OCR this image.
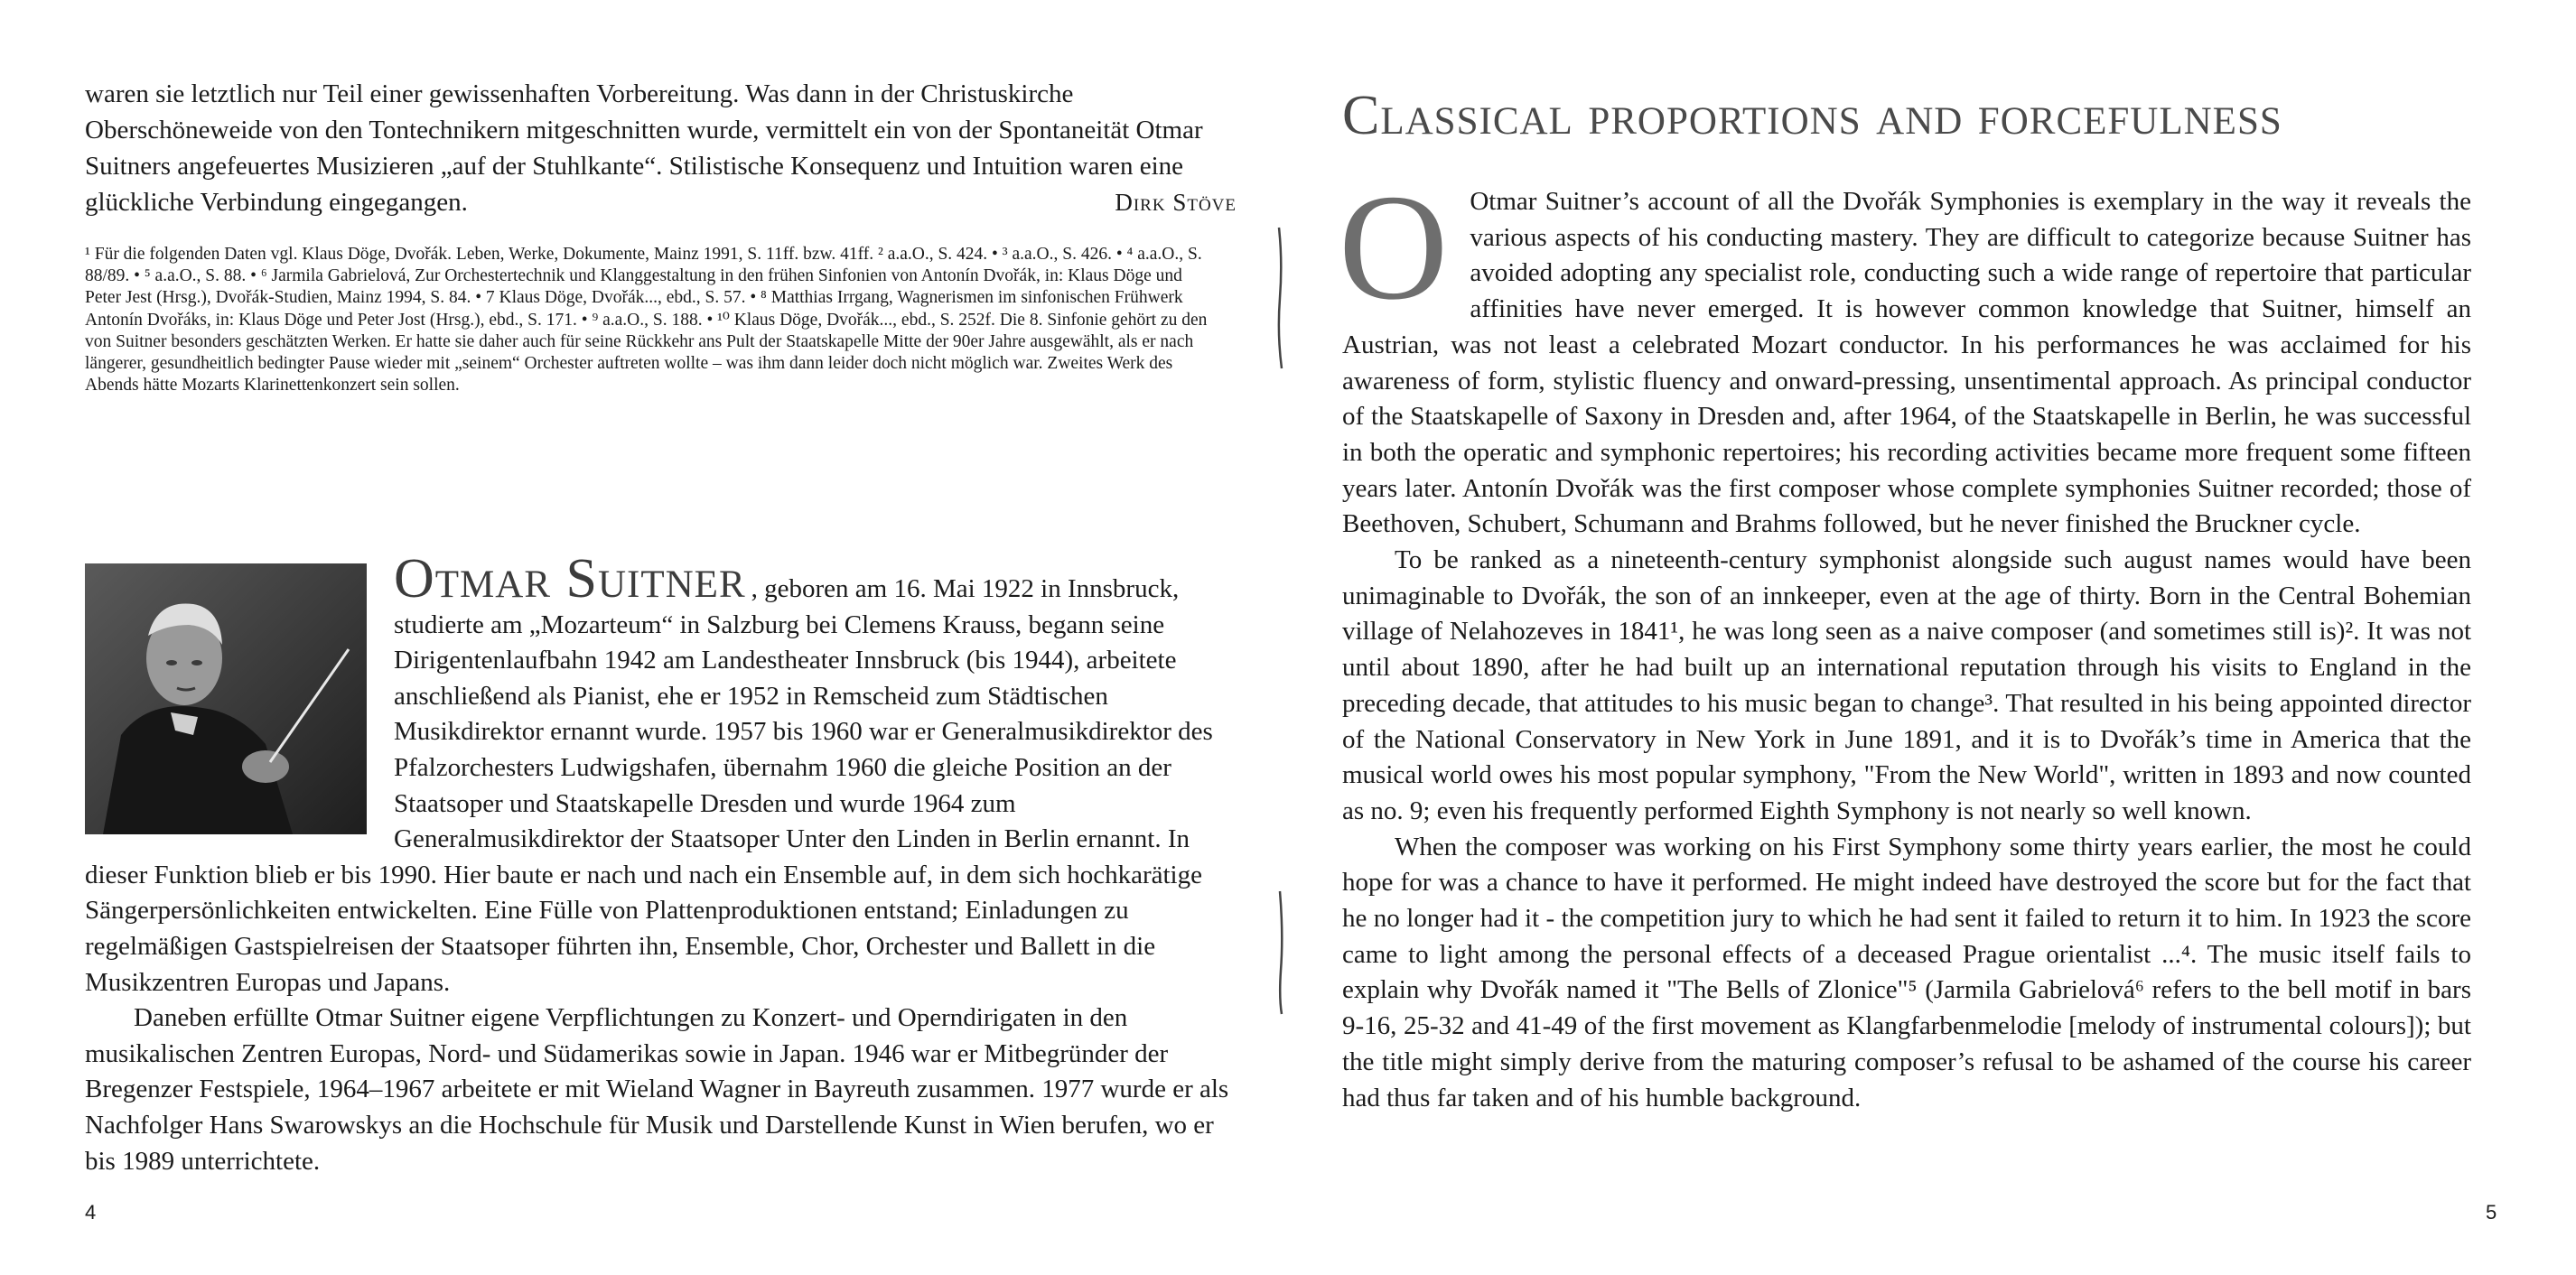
waren sie letztlich nur Teil einer gewissenhaften Vorbereitung. Was dann in der Christuskirche Oberschöneweide von den Tontechnikern mitgeschnitten wurde, vermittelt ein von der Spontaneität Otmar Suitners angefeuertes Musizieren „auf der Stuhlkante“. Stilistische Konsequenz und Intuition waren eine glückliche Verbindung eingegangen.	Dirk Stöve

¹ Für die folgenden Daten vgl. Klaus Döge, Dvořák. Leben, Werke, Dokumente, Mainz 1991, S. 11ff. bzw. 41ff. ² a.a.O., S. 424. • ³ a.a.O., S. 426. • ⁴ a.a.O., S. 88/89. • ⁵ a.a.O., S. 88. • ⁶ Jarmila Gabrielová, Zur Orchestertechnik und Klanggestaltung in den frühen Sinfonien von Antonín Dvořák, in: Klaus Döge und Peter Jest (Hrsg.), Dvořák-Studien, Mainz 1994, S. 84. • 7 Klaus Döge, Dvořák..., ebd., S. 57. • ⁸ Matthias Irrgang, Wagnerismen im sinfonischen Frühwerk Antonín Dvořáks, in: Klaus Döge und Peter Jost (Hrsg.), ebd., S. 171. • ⁹ a.a.O., S. 188. • ¹⁰ Klaus Döge, Dvořák..., ebd., S. 252f. Die 8. Sinfonie gehört zu den von Suitner besonders geschätzten Werken. Er hatte sie daher auch für seine Rückkehr ans Pult der Staatskapelle Mitte der 90er Jahre ausgewählt, als er nach längerer, gesundheitlich bedingter Pause wieder mit „seinem“ Orchester auftreten wollte – was ihm dann leider doch nicht möglich war. Zweites Werk des Abends hätte Mozarts Klarinettenkonzert sein sollen.

Otmar Suitner , geboren am 16. Mai 1922 in Innsbruck, studierte am „Mozarteum“ in Salzburg bei Clemens Krauss, begann seine Dirigentenlaufbahn 1942 am Landestheater Innsbruck (bis 1944), arbeitete anschließend als Pianist, ehe er 1952 in Remscheid zum Städtischen Musikdirektor ernannt wurde. 1957 bis 1960 war er Generalmusikdirektor des Pfalzorchesters Ludwigshafen, übernahm 1960 die gleiche Position an der Staatsoper und Staatskapelle Dresden und wurde 1964 zum Generalmusikdirektor der Staatsoper Unter den Linden in Berlin ernannt. In dieser Funktion blieb er bis 1990. Hier baute er nach und nach ein Ensemble auf, in dem sich hochkarätige Sängerpersönlichkeiten entwickelten. Eine Fülle von Plattenproduktionen entstand; Einladungen zu regelmäßigen Gastspielreisen der Staatsoper führten ihn, Ensemble, Chor, Orchester und Ballett in die Musikzentren Europas und Japans.

Daneben erfüllte Otmar Suitner eigene Verpflichtungen zu Konzert- und Operndirigaten in den musikalischen Zentren Europas, Nord- und Südamerikas sowie in Japan. 1946 war er Mitbegründer der Bregenzer Festspiele, 1964–1967 arbeitete er mit Wieland Wagner in Bayreuth zusammen. 1977 wurde er als Nachfolger Hans Swarowskys an die Hochschule für Musik und Darstellende Kunst in Wien berufen, wo er bis 1989 unterrichtete.

4
Classical proportions and forcefulness

O Otmar Suitner’s account of all the Dvořák Symphonies is exemplary in the way it reveals the various aspects of his conducting mastery. They are difficult to categorize because Suitner has avoided adopting any specialist role, conducting such a wide range of repertoire that particular affinities have never emerged. It is however common knowledge that Suitner, himself an Austrian, was not least a celebrated Mozart conductor. In his performances he was acclaimed for his awareness of form, stylistic fluency and onward-pressing, unsentimental approach. As principal conductor of the Staatskapelle of Saxony in Dresden and, after 1964, of the Staatskapelle in Berlin, he was successful in both the operatic and symphonic repertoires; his recording activities became more frequent some fifteen years later. Antonín Dvořák was the first composer whose complete symphonies Suitner recorded; those of Beethoven, Schubert, Schumann and Brahms followed, but he never finished the Bruckner cycle.

To be ranked as a nineteenth-century symphonist alongside such august names would have been unimaginable to Dvořák, the son of an innkeeper, even at the age of thirty. Born in the Central Bohemian village of Nelahozeves in 1841¹, he was long seen as a naive composer (and sometimes still is)². It was not until about 1890, after he had built up an international reputation through his visits to England in the preceding decade, that attitudes to his music began to change³. That resulted in his being appointed director of the National Conservatory in New York in June 1891, and it is to Dvořák’s time in America that the musical world owes his most popular symphony, "From the New World", written in 1893 and now counted as no. 9; even his frequently performed Eighth Symphony is not nearly so well known.

When the composer was working on his First Symphony some thirty years earlier, the most he could hope for was a chance to have it performed. He might indeed have destroyed the score but for the fact that he no longer had it - the competition jury to which he had sent it failed to return it to him. In 1923 the score came to light among the personal effects of a deceased Prague orientalist ...⁴. The music itself fails to explain why Dvořák named it "The Bells of Zlonice"⁵ (Jarmila Gabrielová⁶ refers to the bell motif in bars 9-16, 25-32 and 41-49 of the first movement as Klangfarbenmelodie [melody of instrumental colours]); but the title might simply derive from the maturing composer’s refusal to be ashamed of the course his career had thus far taken and of his humble background.

5
